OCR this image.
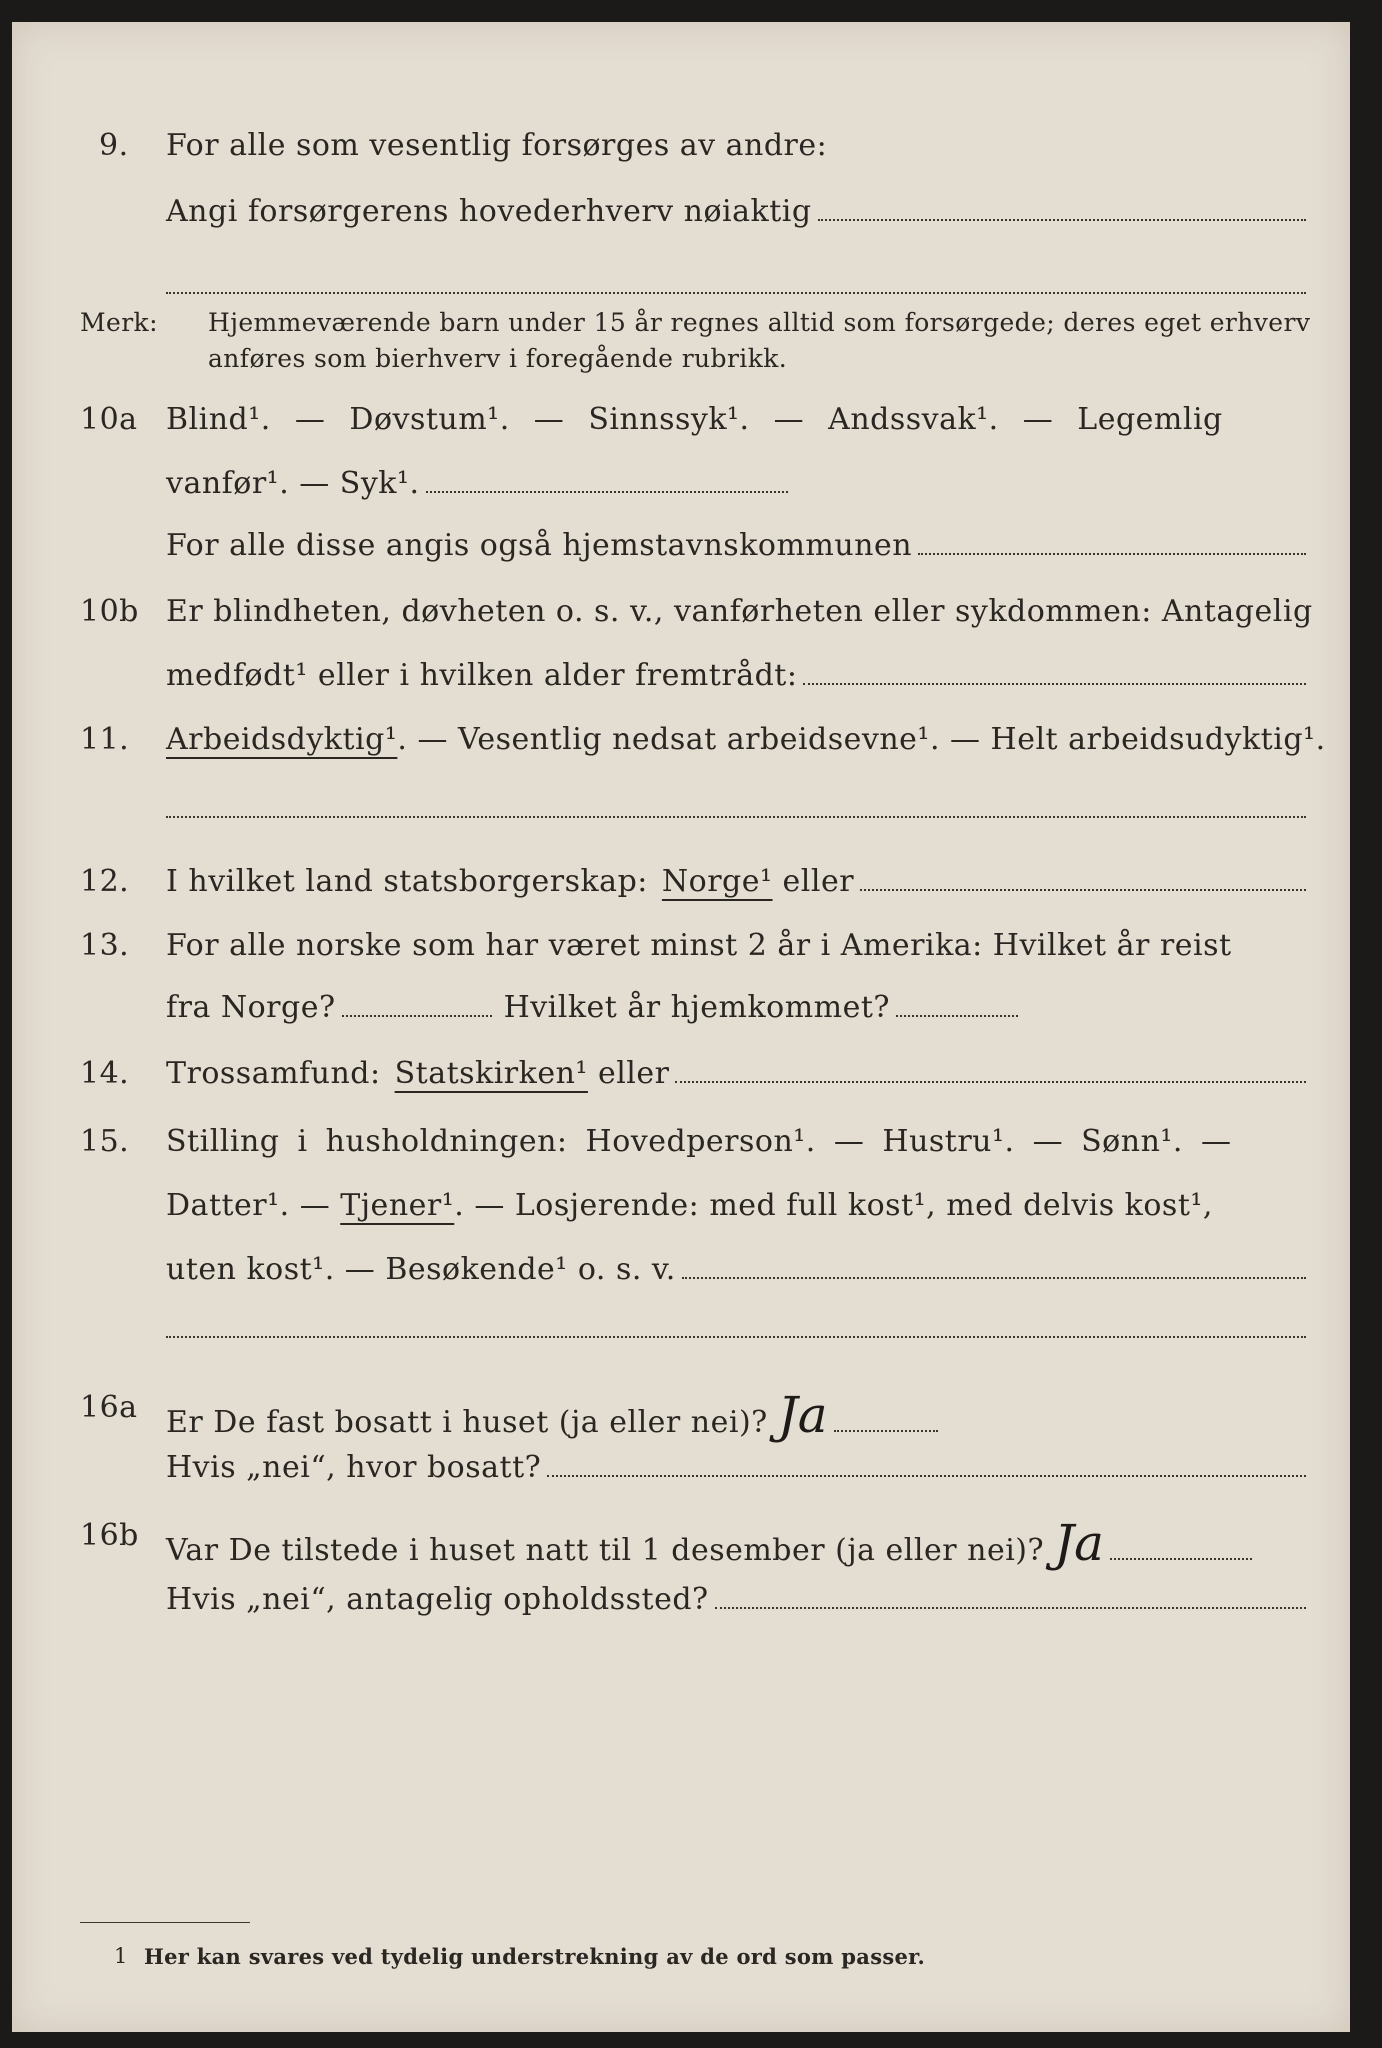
9. For alle som vesentlig forsørges av andre:
Angi forsørgerens hovederhverv nøiaktig
Merk: Hjemmeværende barn under 15 år regnes alltid som forsørgede; deres eget erhverv
anføres som bierhverv i foregående rubrikk.
10a Blind¹. — Døvstum¹. — Sinnssyk¹. — Andssvak¹. — Legemlig
vanfør¹. — Syk¹.
For alle disse angis også hjemstavnskommunen
10b Er blindheten, døvheten o. s. v., vanførheten eller sykdommen: Antagelig
medfødt¹ eller i hvilken alder fremtrådt:
11. Arbeidsdyktig¹ . — Vesentlig nedsat arbeidsevne¹. — Helt arbeidsudyktig¹.
12. I hvilket land statsborgerskap: Norge¹ eller
13. For alle norske som har været minst 2 år i Amerika: Hvilket år reist
fra Norge?	Hvilket år hjemkommet?
14. Trossamfund: Statskirken¹ eller
15. Stilling i husholdningen: Hovedperson¹. — Hustru¹. — Sønn¹. —
Datter¹. — Tjener¹ . — Losjerende: med full kost¹, med delvis kost¹,
uten kost¹. — Besøkende¹ o. s. v.
16a Er De fast bosatt i huset (ja eller nei)? Ja
Hvis „nei“, hvor bosatt?
16b Var De tilstede i huset natt til 1 desember (ja eller nei)? Ja
Hvis „nei“, antagelig opholdssted?
1 Her kan svares ved tydelig understrekning av de ord som passer.
